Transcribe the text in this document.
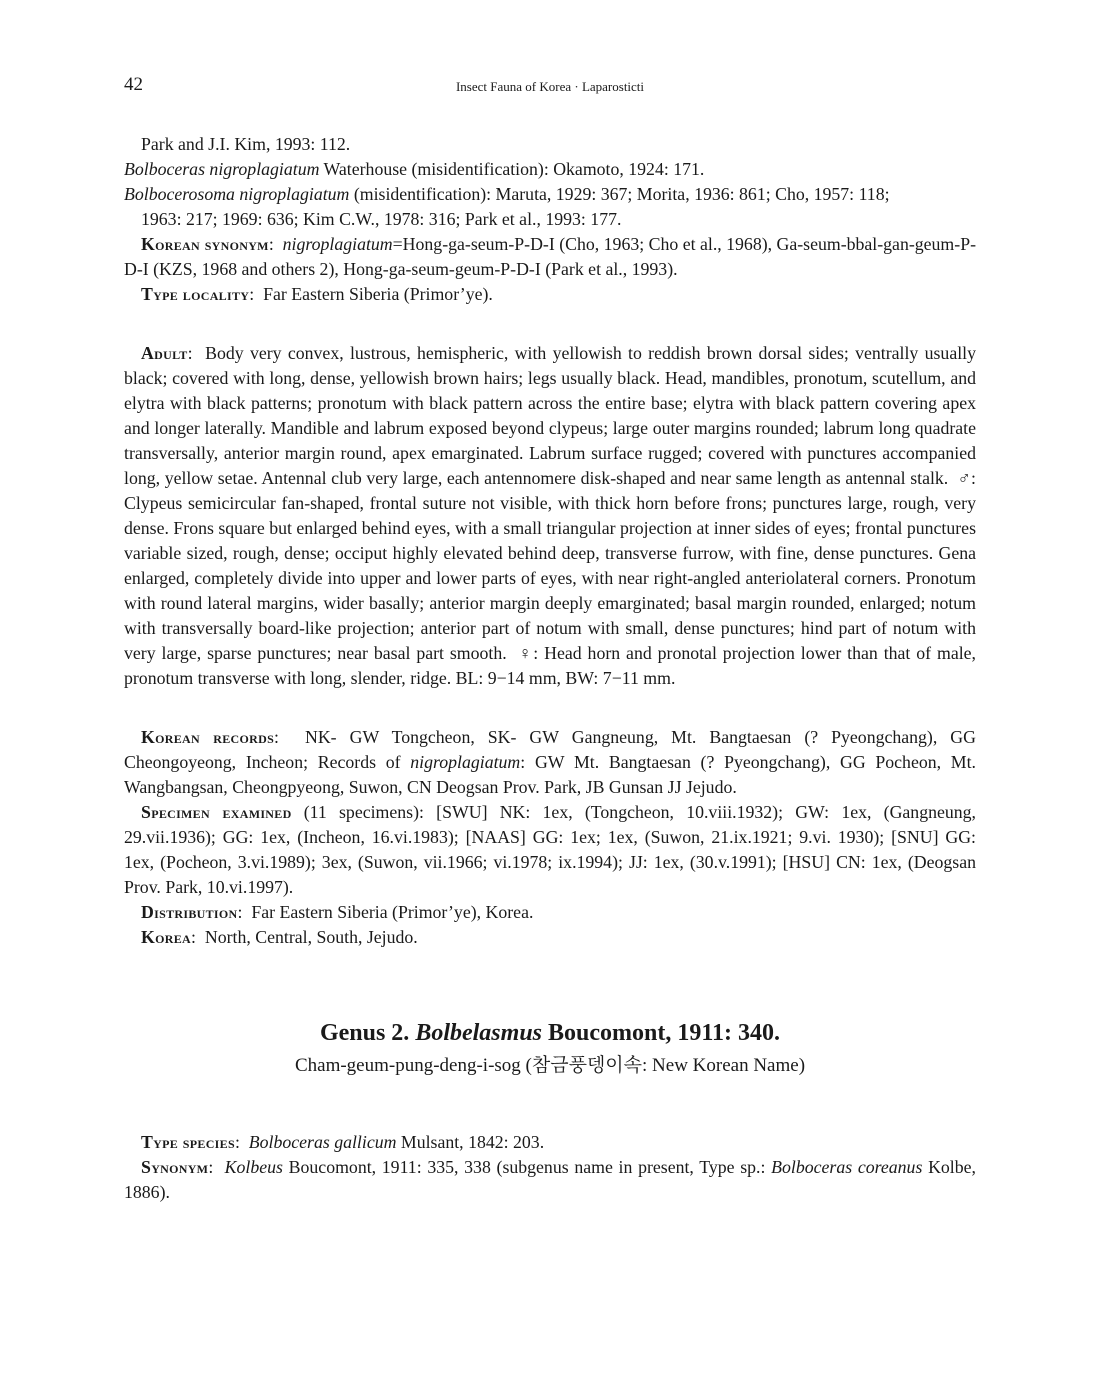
42	Insect Fauna of Korea · Laparosticti

Park and J.I. Kim, 1993: 112.

Bolboceras nigroplagiatum Waterhouse (misidentification): Okamoto, 1924: 171.

Bolbocerosoma nigroplagiatum (misidentification): Maruta, 1929: 367; Morita, 1936: 861; Cho, 1957: 118;

1963: 217; 1969: 636; Kim C.W., 1978: 316; Park et al., 1993: 177.

Korean synonym:  nigroplagiatum=Hong-ga-seum-P-D-I (Cho, 1963; Cho et al., 1968), Ga-seum-bbal-gan-geum-P-D-I (KZS, 1968 and others 2), Hong-ga-seum-geum-P-D-I (Park et al., 1993).

Type locality:  Far Eastern Siberia (Primor’ye).

Adult:  Body very convex, lustrous, hemispheric, with yellowish to reddish brown dorsal sides; ventrally usually black; covered with long, dense, yellowish brown hairs; legs usually black. Head, mandibles, pronotum, scutellum, and elytra with black patterns; pronotum with black pattern across the entire base; elytra with black pattern covering apex and longer laterally. Mandible and labrum exposed beyond clypeus; large outer margins rounded; labrum long quadrate transversally, anterior margin round, apex emarginated. Labrum surface rugged; covered with punctures accompanied long, yellow setae. Antennal club very large, each antennomere disk-shaped and near same length as antennal stalk. ♂: Clypeus semicircular fan-shaped, frontal suture not visible, with thick horn before frons; punctures large, rough, very dense. Frons square but enlarged behind eyes, with a small triangular projection at inner sides of eyes; frontal punctures variable sized, rough, dense; occiput highly elevated behind deep, transverse furrow, with fine, dense punctures. Gena enlarged, completely divide into upper and lower parts of eyes, with near right-angled anteriolateral corners. Pronotum with round lateral margins, wider basally; anterior margin deeply emarginated; basal margin rounded, enlarged; notum with transversally board-like projection; anterior part of notum with small, dense punctures; hind part of notum with very large, sparse punctures; near basal part smooth. ♀: Head horn and pronotal projection lower than that of male, pronotum transverse with long, slender, ridge. BL: 9−14 mm, BW: 7−11 mm.

Korean records:  NK- GW Tongcheon, SK- GW Gangneung, Mt. Bangtaesan (? Pyeongchang), GG Cheongoyeong, Incheon; Records of nigroplagiatum: GW Mt. Bangtaesan (? Pyeongchang), GG Pocheon, Mt. Wangbangsan, Cheongpyeong, Suwon, CN Deogsan Prov. Park, JB Gunsan JJ Jejudo.

Specimen examined (11 specimens): [SWU] NK: 1ex, (Tongcheon, 10.viii.1932); GW: 1ex, (Gangneung, 29.vii.1936); GG: 1ex, (Incheon, 16.vi.1983); [NAAS] GG: 1ex; 1ex, (Suwon, 21.ix.1921; 9.vi. 1930); [SNU] GG: 1ex, (Pocheon, 3.vi.1989); 3ex, (Suwon, vii.1966; vi.1978; ix.1994); JJ: 1ex, (30.v.1991); [HSU] CN: 1ex, (Deogsan Prov. Park, 10.vi.1997).

Distribution:  Far Eastern Siberia (Primor’ye), Korea.

Korea:  North, Central, South, Jejudo.

Genus 2. Bolbelasmus Boucomont, 1911: 340.
Cham-geum-pung-deng-i-sog (참금풍뎅이속: New Korean Name)

Type species:  Bolboceras gallicum Mulsant, 1842: 203.

Synonym:  Kolbeus Boucomont, 1911: 335, 338 (subgenus name in present, Type sp.: Bolboceras coreanus Kolbe, 1886).
